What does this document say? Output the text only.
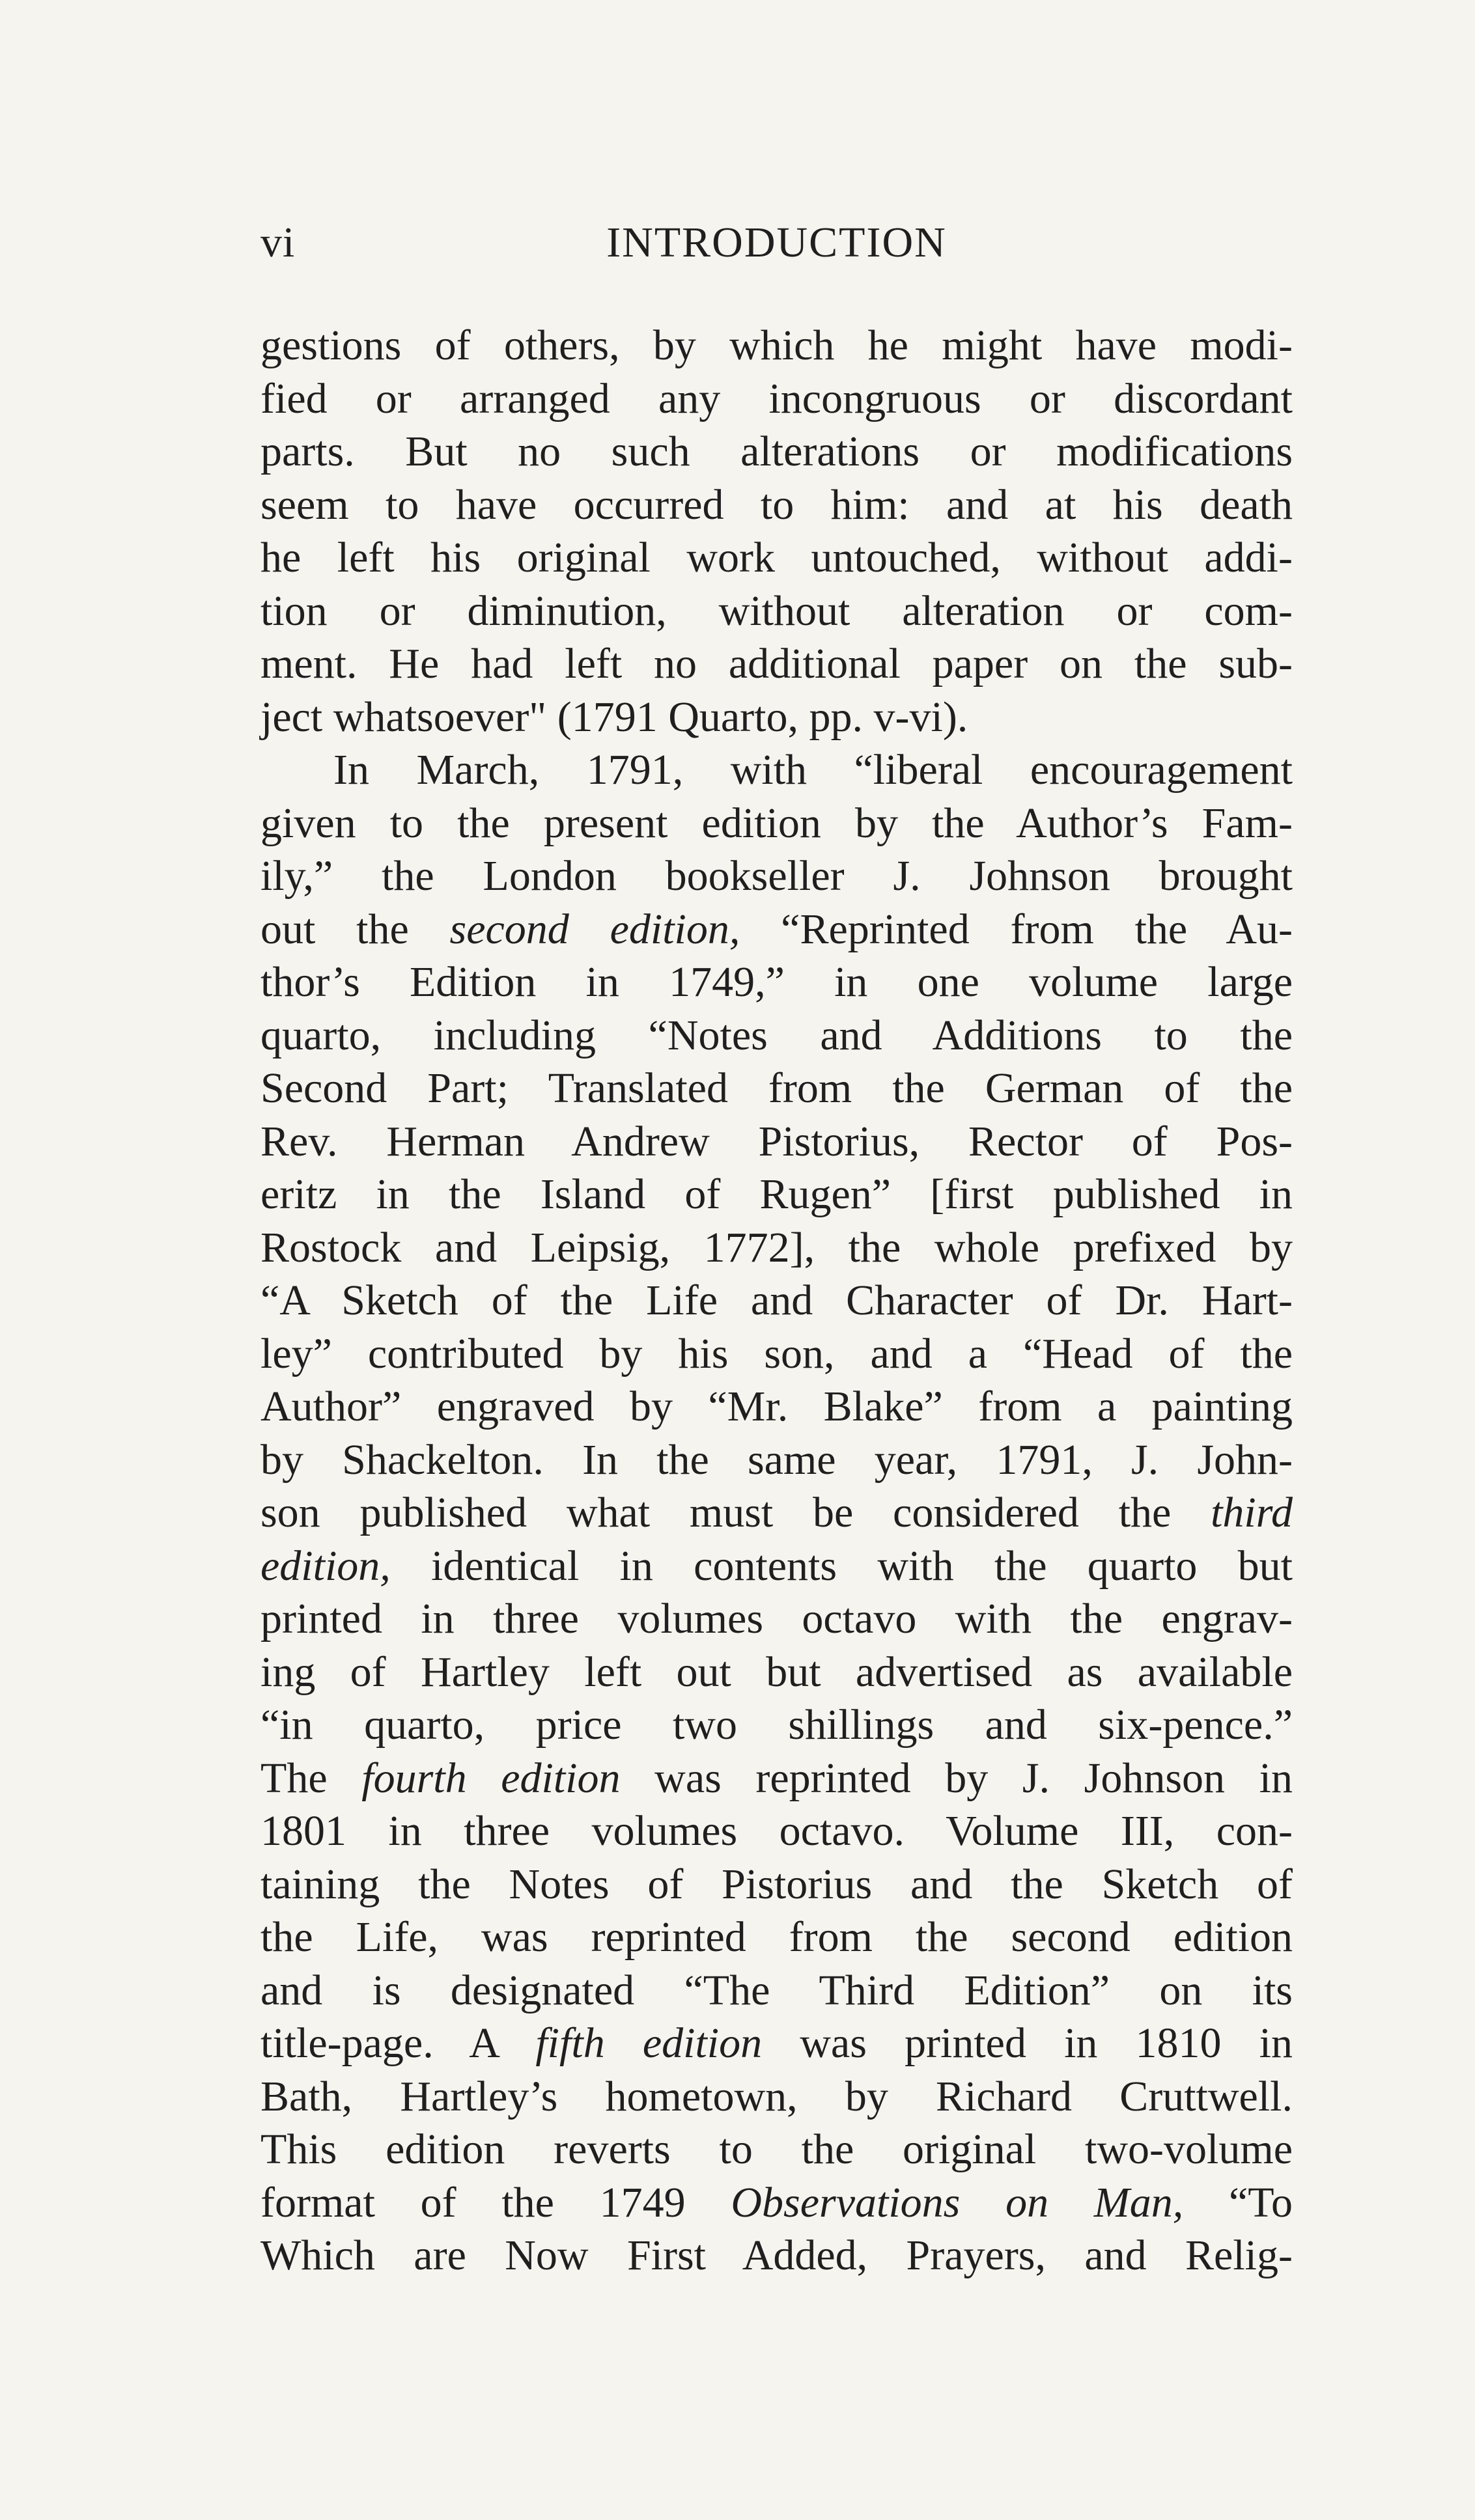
vi	INTRODUCTION
gestions of others, by which he might have modi-
fied or arranged any incongruous or discordant
parts. But no such alterations or modifications
seem to have occurred to him: and at his death
he left his original work untouched, without addi-
tion or diminution, without alteration or com-
ment. He had left no additional paper on the sub-
ject whatsoever" (1791 Quarto, pp. v-vi).
In March, 1791, with “liberal encouragement
given to the present edition by the Author’s Fam-
ily,” the London bookseller J. Johnson brought
out the second edition, “Reprinted from the Au-
thor’s Edition in 1749,” in one volume large
quarto, including “Notes and Additions to the
Second Part; Translated from the German of the
Rev. Herman Andrew Pistorius, Rector of Pos-
eritz in the Island of Rugen” [first published in
Rostock and Leipsig, 1772], the whole prefixed by
“A Sketch of the Life and Character of Dr. Hart-
ley” contributed by his son, and a “Head of the
Author” engraved by “Mr. Blake” from a painting
by Shackelton. In the same year, 1791, J. John-
son published what must be considered the third
edition, identical in contents with the quarto but
printed in three volumes octavo with the engrav-
ing of Hartley left out but advertised as available
“in quarto, price two shillings and six-pence.”
The fourth edition was reprinted by J. Johnson in
1801 in three volumes octavo. Volume III, con-
taining the Notes of Pistorius and the Sketch of
the Life, was reprinted from the second edition
and is designated “The Third Edition” on its
title-page. A fifth edition was printed in 1810 in
Bath, Hartley’s hometown, by Richard Cruttwell.
This edition reverts to the original two-volume
format of the 1749 Observations on Man, “To
Which are Now First Added, Prayers, and Relig-
